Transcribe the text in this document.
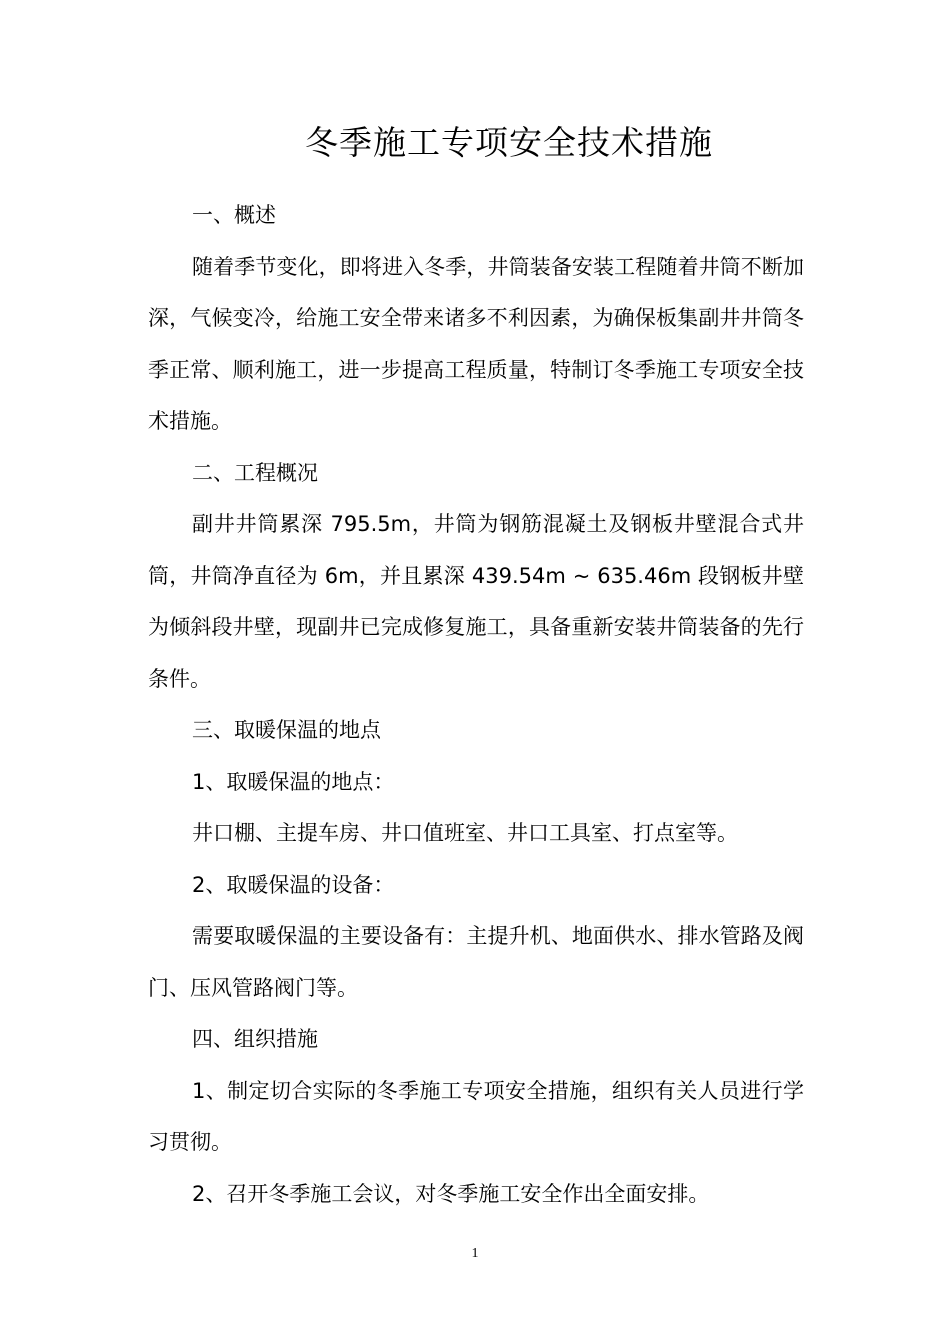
冬季施工专项安全技术措施

一、概述

随着季节变化，即将进入冬季，井筒装备安装工程随着井筒不断加深，气候变冷，给施工安全带来诸多不利因素，为确保板集副井井筒冬季正常、顺利施工，进一步提高工程质量，特制订冬季施工专项安全技术措施。

二、工程概况

副井井筒累深 795.5m，井筒为钢筋混凝土及钢板井壁混合式井筒，井筒净直径为 6m，并且累深 439.54m ~ 635.46m 段钢板井壁为倾斜段井壁，现副井已完成修复施工，具备重新安装井筒装备的先行条件。

三、取暖保温的地点

1、取暖保温的地点：

井口棚、主提车房、井口值班室、井口工具室、打点室等。

2、取暖保温的设备：

需要取暖保温的主要设备有：主提升机、地面供水、排水管路及阀门、压风管路阀门等。

四、组织措施

1、制定切合实际的冬季施工专项安全措施，组织有关人员进行学习贯彻。

2、召开冬季施工会议，对冬季施工安全作出全面安排。

1
